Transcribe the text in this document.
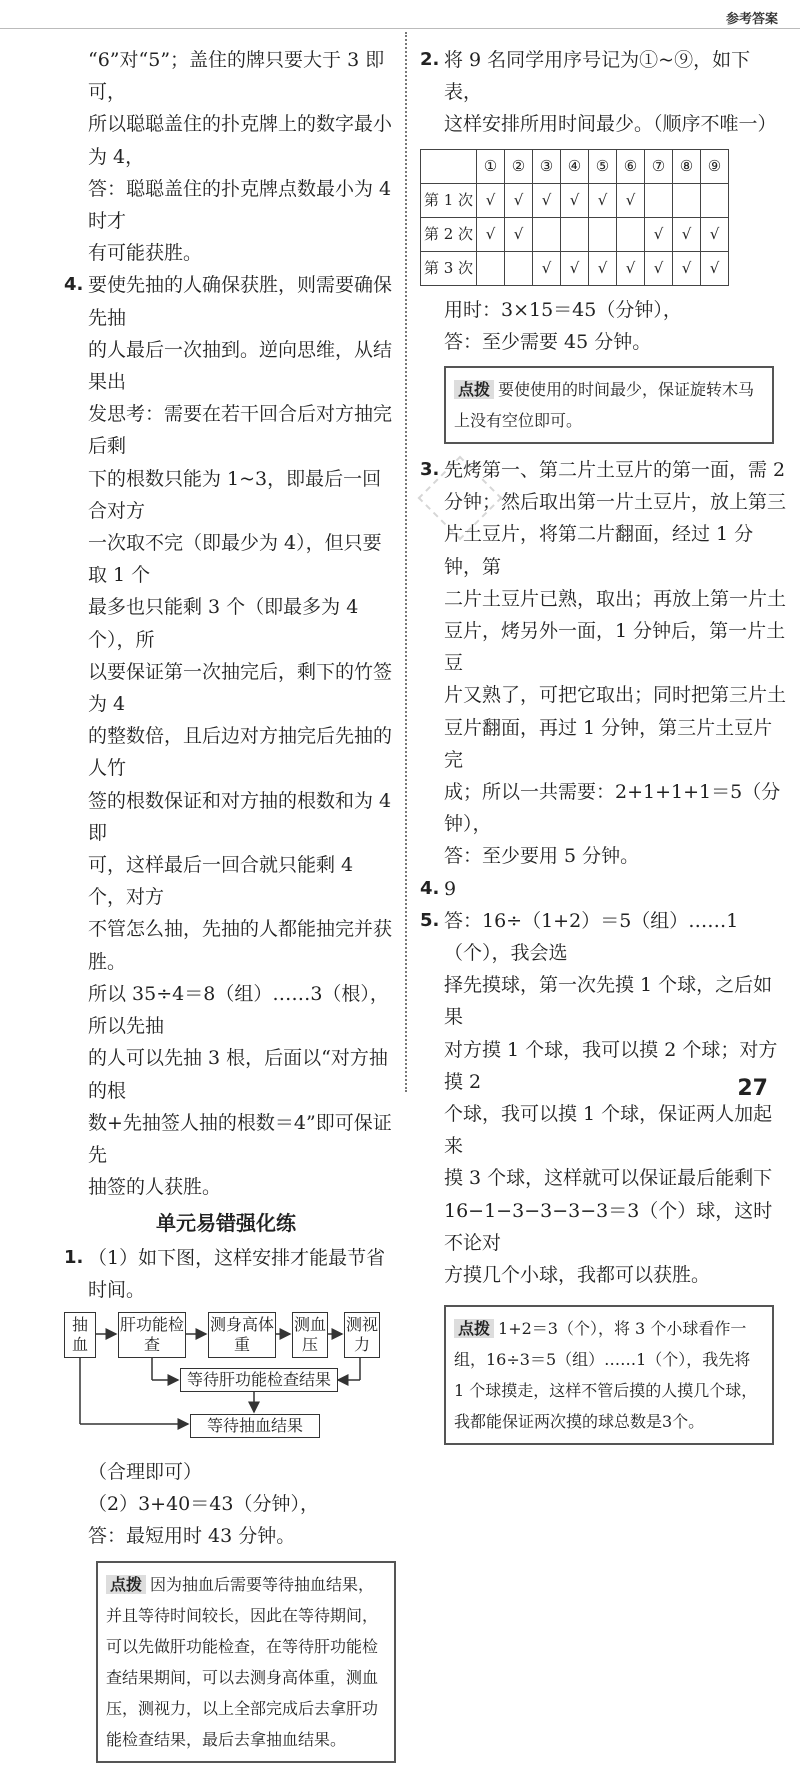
参考答案
“6”对“5”；盖住的牌只要大于 3 即可，
所以聪聪盖住的扑克牌上的数字最小
为 4，
答：聪聪盖住的扑克牌点数最小为 4 时才
有可能获胜。
4. 要使先抽的人确保获胜，则需要确保先抽
的人最后一次抽到。逆向思维，从结果出
发思考：需要在若干回合后对方抽完后剩
下的根数只能为 1~3，即最后一回合对方
一次取不完（即最少为 4），但只要取 1 个
最多也只能剩 3 个（即最多为 4 个），所
以要保证第一次抽完后，剩下的竹签为 4
的整数倍，且后边对方抽完后先抽的人竹
签的根数保证和对方抽的根数和为 4 即
可，这样最后一回合就只能剩 4 个，对方
不管怎么抽，先抽的人都能抽完并获胜。
所以 35÷4＝8（组）……3（根），所以先抽
的人可以先抽 3 根，后面以“对方抽的根
数+先抽签人抽的根数＝4”即可保证先
抽签的人获胜。
单元易错强化练
1. （1）如下图，这样安排才能最节省时间。
抽血
肝功能检查
测身高体重
测血压
测视力
等待肝功能检查结果
等待抽血结果
（合理即可）
（2）3+40＝43（分钟），
答：最短用时 43 分钟。
点拨 因为抽血后需要等待抽血结果，并且等待时间较长，因此在等待期间，可以先做肝功能检查，在等待肝功能检查结果期间，可以去测身高体重，测血压，测视力，以上全部完成后去拿肝功能检查结果，最后去拿抽血结果。
2. 将 9 名同学用序号记为①~⑨，如下表，
这样安排所用时间最少。（顺序不唯一）
	①	②	③	④	⑤	⑥	⑦	⑧	⑨
第 1 次	√	√	√	√	√	√			
第 2 次	√	√					√	√	√
第 3 次			√	√	√	√	√	√	√
用时：3×15＝45（分钟），
答：至少需要 45 分钟。
点拨 要使使用的时间最少，保证旋转木马上没有空位即可。
3. 先烤第一、第二片土豆片的第一面，需 2
分钟；然后取出第一片土豆片，放上第三
片土豆片，将第二片翻面，经过 1 分钟，第
二片土豆片已熟，取出；再放上第一片土
豆片，烤另外一面，1 分钟后，第一片土豆
片又熟了，可把它取出；同时把第三片土
豆片翻面，再过 1 分钟，第三片土豆片完
成；所以一共需要：2+1+1+1＝5（分钟），
答：至少要用 5 分钟。
4. 9
5. 答：16÷（1+2）＝5（组）……1（个），我会选
择先摸球，第一次先摸 1 个球，之后如果
对方摸 1 个球，我可以摸 2 个球；对方摸 2
个球，我可以摸 1 个球，保证两人加起来
摸 3 个球，这样就可以保证最后能剩下
16−1−3−3−3−3＝3（个）球，这时不论对
方摸几个小球，我都可以获胜。
点拨 1+2＝3（个），将 3 个小球看作一组，16÷3＝5（组）……1（个），我先将 1 个球摸走，这样不管后摸的人摸几个球，我都能保证两次摸的球总数是3个。
27
